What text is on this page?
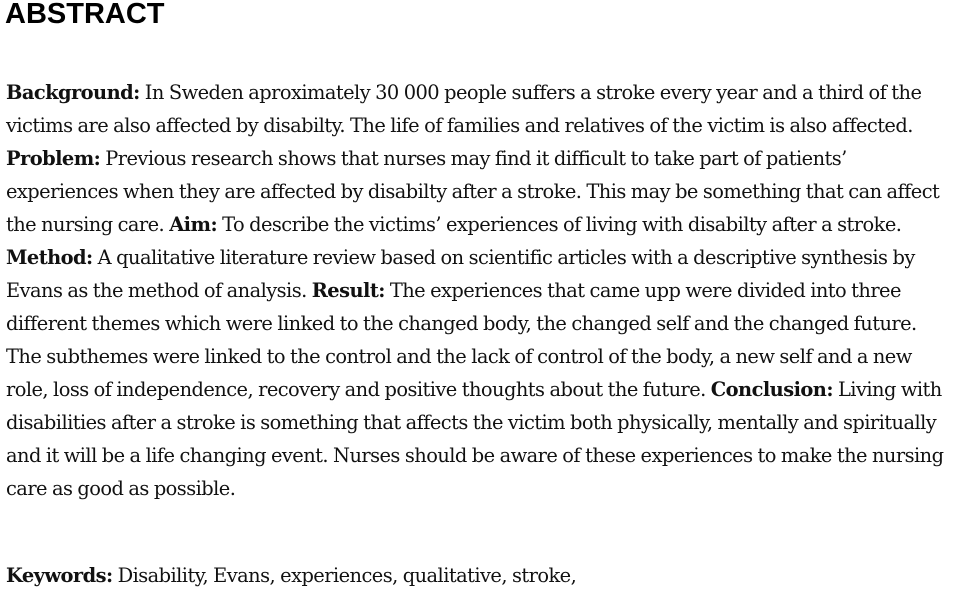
ABSTRACT

Background: In Sweden aproximately 30 000 people suffers a stroke every year and a third of the victims are also affected by disabilty. The life of families and relatives of the victim is also affected. Problem: Previous research shows that nurses may find it difficult to take part of patients’ experiences when they are affected by disabilty after a stroke. This may be something that can affect the nursing care. Aim: To describe the victims’ experiences of living with disabilty after a stroke. Method: A qualitative literature review based on scientific articles with a descriptive synthesis by Evans as the method of analysis. Result: The experiences that came upp were divided into three different themes which were linked to the changed body, the changed self and the changed future. The subthemes were linked to the control and the lack of control of the body, a new self and a new role, loss of independence, recovery and positive thoughts about the future. Conclusion: Living with disabilities after a stroke is something that affects the victim both physically, mentally and spiritually and it will be a life changing event. Nurses should be aware of these experiences to make the nursing care as good as possible.

Keywords: Disability, Evans, experiences, qualitative, stroke,
